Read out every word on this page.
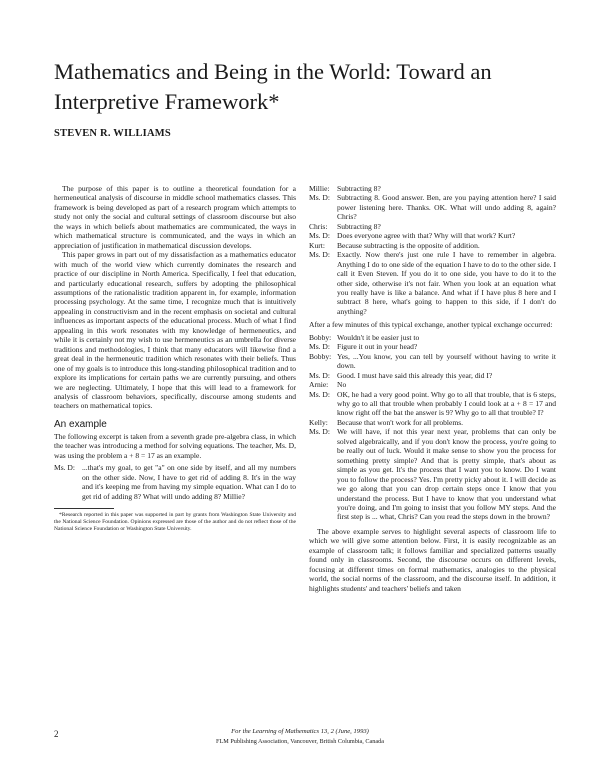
Mathematics and Being in the World: Toward an Interpretive Framework*
STEVEN R. WILLIAMS

The purpose of this paper is to outline a theoretical foundation for a hermeneutical analysis of discourse in middle school mathematics classes. This framework is being developed as part of a research program which attempts to study not only the social and cultural settings of classroom discourse but also the ways in which beliefs about mathematics are communicated, the ways in which mathematical structure is communicated, and the ways in which an appreciation of justification in mathematical discussion develops.

This paper grows in part out of my dissatisfaction as a mathematics educator with much of the world view which currently dominates the research and practice of our discipline in North America. Specifically, I feel that education, and particularly educational research, suffers by adopting the philosophical assumptions of the rationalistic tradition apparent in, for example, information processing psychology. At the same time, I recognize much that is intuitively appealing in constructivism and in the recent emphasis on societal and cultural influences as important aspects of the educational process. Much of what I find appealing in this work resonates with my knowledge of hermeneutics, and while it is certainly not my wish to use hermeneutics as an umbrella for diverse traditions and methodologies, I think that many educators will likewise find a great deal in the hermeneutic tradition which resonates with their beliefs. Thus one of my goals is to introduce this long-standing philosophical tradition and to explore its implications for certain paths we are currently pursuing, and others we are neglecting. Ultimately, I hope that this will lead to a framework for analysis of classroom behaviors, specifically, discourse among students and teachers on mathematical topics.

An example

The following excerpt is taken from a seventh grade pre-algebra class, in which the teacher was introducing a method for solving equations. The teacher, Ms. D, was using the problem a + 8 = 17 as an example.

Ms. D: ...that's my goal, to get "a" on one side by itself, and all my numbers on the other side. Now, I have to get rid of adding 8. It's in the way and it's keeping me from having my simple equation. What can I do to get rid of adding 8? What will undo adding 8? Millie?

*Research reported in this paper was supported in part by grants from Washington State University and the National Science Foundation. Opinions expressed are those of the author and do not reflect those of the National Science Foundation or Washington State University.

Millie: Subtracting 8?
Ms. D: Subtracting 8. Good answer. Ben, are you paying attention here? I said power listening here. Thanks. OK. What will undo adding 8, again? Chris?
Chris:	Subtracting 8?
Ms. D: Does everyone agree with that? Why will that work? Kurt?
Kurt:	Because subtracting is the opposite of addition.
Ms. D: Exactly. Now there's just one rule I have to remember in algebra. Anything I do to one side of the equation I have to do to the other side. I call it Even Steven. If you do it to one side, you have to do it to the other side, otherwise it's not fair. When you look at an equation what you really have is like a balance. And what if I have plus 8 here and I subtract 8 here, what's going to happen to this side, if I don't do anything?

After a few minutes of this typical exchange, another typical exchange occurred:

Bobby: Wouldn't it be easier just to
Ms. D: Figure it out in your head?
Bobby: Yes, ...You know, you can tell by yourself without having to write it down.
Ms. D: Good. I must have said this already this year, did I?
Arnie:	No
Ms. D: OK, he had a very good point. Why go to all that trouble, that is 6 steps, why go to all that trouble when probably I could look at a + 8 = 17 and know right off the bat the answer is 9? Why go to all that trouble? I?
Kelly:	Because that won't work for all problems.
Ms. D: We will have, if not this year next year, problems that can only be solved algebraically, and if you don't know the process, you're going to be really out of luck. Would it make sense to show you the process for something pretty simple? And that is pretty simple, that's about as simple as you get. It's the process that I want you to know. Do I want you to follow the process? Yes. I'm pretty picky about it. I will decide as we go along that you can drop certain steps once I know that you understand the process. But I have to know that you understand what you're doing, and I'm going to insist that you follow MY steps. And the first step is ... what, Chris? Can you read the steps down in the brown?

The above example serves to highlight several aspects of classroom life to which we will give some attention below. First, it is easily recognizable as an example of classroom talk; it follows familiar and specialized patterns usually found only in classrooms. Second, the discourse occurs on different levels, focusing at different times on formal mathematics, analogies to the physical world, the social norms of the classroom, and the discourse itself. In addition, it highlights students' and teachers' beliefs and taken

2	For the Learning of Mathematics 13, 2 (June, 1993)
FLM Publishing Association, Vancouver, British Columbia, Canada
